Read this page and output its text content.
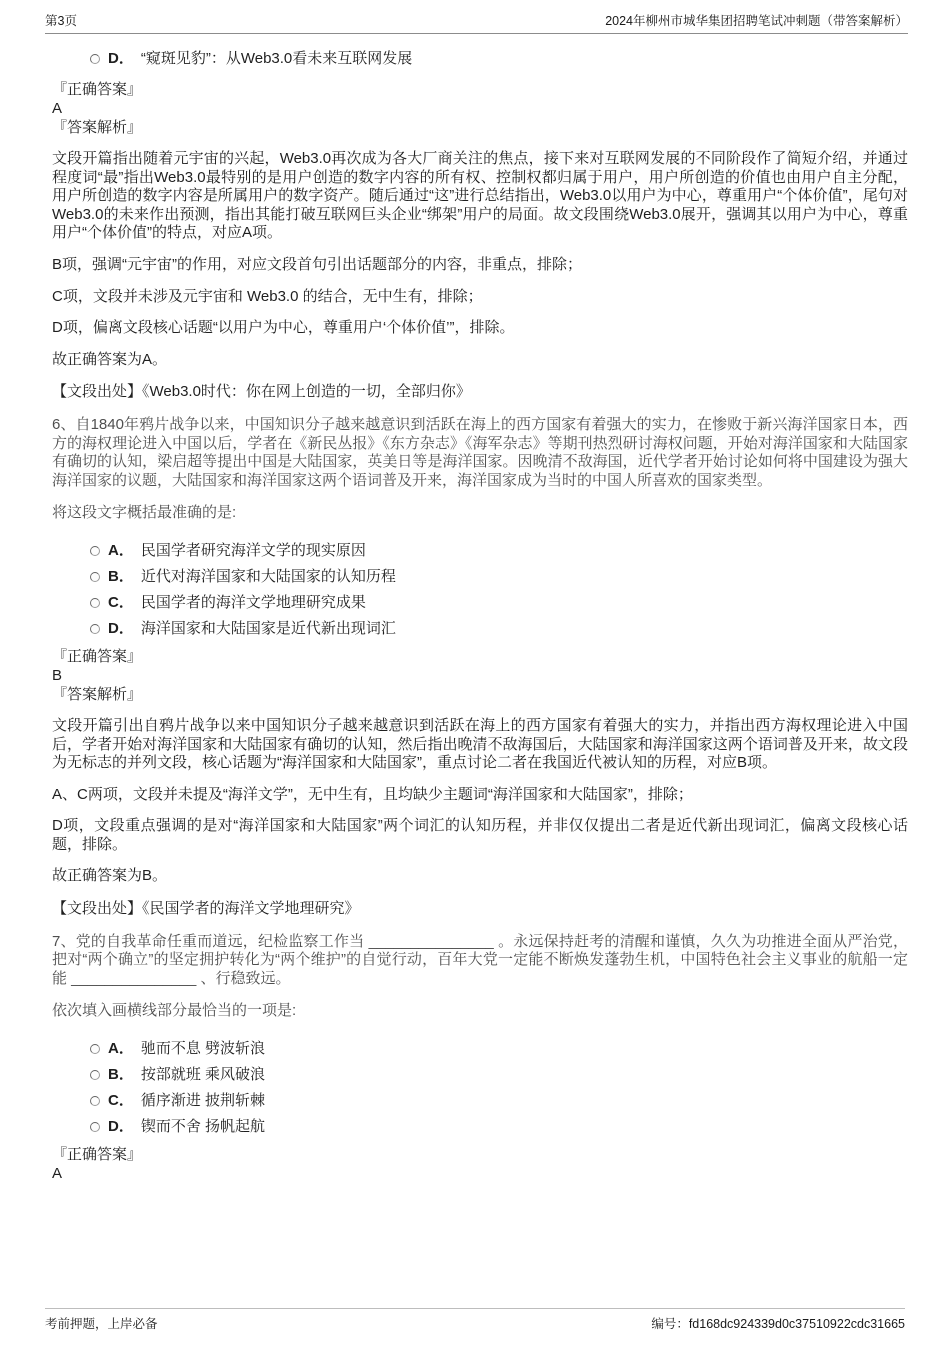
第3页	2024年柳州市城华集团招聘笔试冲刺题（带答案解析）
D． “窥斑见豹”：从Web3.0看未来互联网发展
『正确答案』
A
『答案解析』

文段开篇指出随着元宇宙的兴起，Web3.0再次成为各大厂商关注的焦点，接下来对互联网发展的不同阶段作了简短介绍，并通过程度词“最”指出Web3.0最特别的是用户创造的数字内容的所有权、控制权都归属于用户，用户所创造的价值也由用户自主分配，用户所创造的数字内容是所属用户的数字资产。随后通过“这”进行总结指出，Web3.0以用户为中心，尊重用户“个体价值”，尾句对Web3.0的未来作出预测，指出其能打破互联网巨头企业“绑架”用户的局面。故文段围绕Web3.0展开，强调其以用户为中心，尊重用户“个体价值”的特点，对应A项。

B项，强调“元宇宙”的作用，对应文段首句引出话题部分的内容，非重点，排除；

C项，文段并未涉及元宇宙和 Web3.0 的结合，无中生有，排除；

D项，偏离文段核心话题“以用户为中心，尊重用户‘个体价值’”，排除。

故正确答案为A。

【文段出处】《Web3.0时代：你在网上创造的一切，全部归你》

6、自1840年鸦片战争以来，中国知识分子越来越意识到活跃在海上的西方国家有着强大的实力，在惨败于新兴海洋国家日本，西方的海权理论进入中国以后，学者在《新民丛报》《东方杂志》《海军杂志》等期刊热烈研讨海权问题，开始对海洋国家和大陆国家有确切的认知，梁启超等提出中国是大陆国家，英美日等是海洋国家。因晚清不敌海国，近代学者开始讨论如何将中国建设为强大海洋国家的议题，大陆国家和海洋国家这两个语词普及开来，海洋国家成为当时的中国人所喜欢的国家类型。

将这段文字概括最准确的是:

A． 民国学者研究海洋文学的现实原因
B． 近代对海洋国家和大陆国家的认知历程
C． 民国学者的海洋文学地理研究成果
D． 海洋国家和大陆国家是近代新出现词汇
『正确答案』
B
『答案解析』

文段开篇引出自鸦片战争以来中国知识分子越来越意识到活跃在海上的西方国家有着强大的实力，并指出西方海权理论进入中国后，学者开始对海洋国家和大陆国家有确切的认知，然后指出晚清不敌海国后，大陆国家和海洋国家这两个语词普及开来，故文段为无标志的并列文段，核心话题为“海洋国家和大陆国家”，重点讨论二者在我国近代被认知的历程，对应B项。

A、C两项，文段并未提及“海洋文学”，无中生有，且均缺少主题词“海洋国家和大陆国家”，排除；

D项，文段重点强调的是对“海洋国家和大陆国家”两个词汇的认知历程，并非仅仅提出二者是近代新出现词汇，偏离文段核心话题，排除。

故正确答案为B。

【文段出处】《民国学者的海洋文学地理研究》

7、党的自我革命任重而道远，纪检监察工作当 _______________ 。永远保持赶考的清醒和谨慎，久久为功推进全面从严治党，把对“两个确立”的坚定拥护转化为“两个维护”的自觉行动，百年大党一定能不断焕发蓬勃生机，中国特色社会主义事业的航船一定能 _______________ 、行稳致远。

依次填入画横线部分最恰当的一项是:

A． 驰而不息 劈波斩浪
B． 按部就班 乘风破浪
C． 循序渐进 披荆斩棘
D． 锲而不舍 扬帆起航
『正确答案』
A
考前押题，上岸必备	编号：fd168dc924339d0c37510922cdc31665
